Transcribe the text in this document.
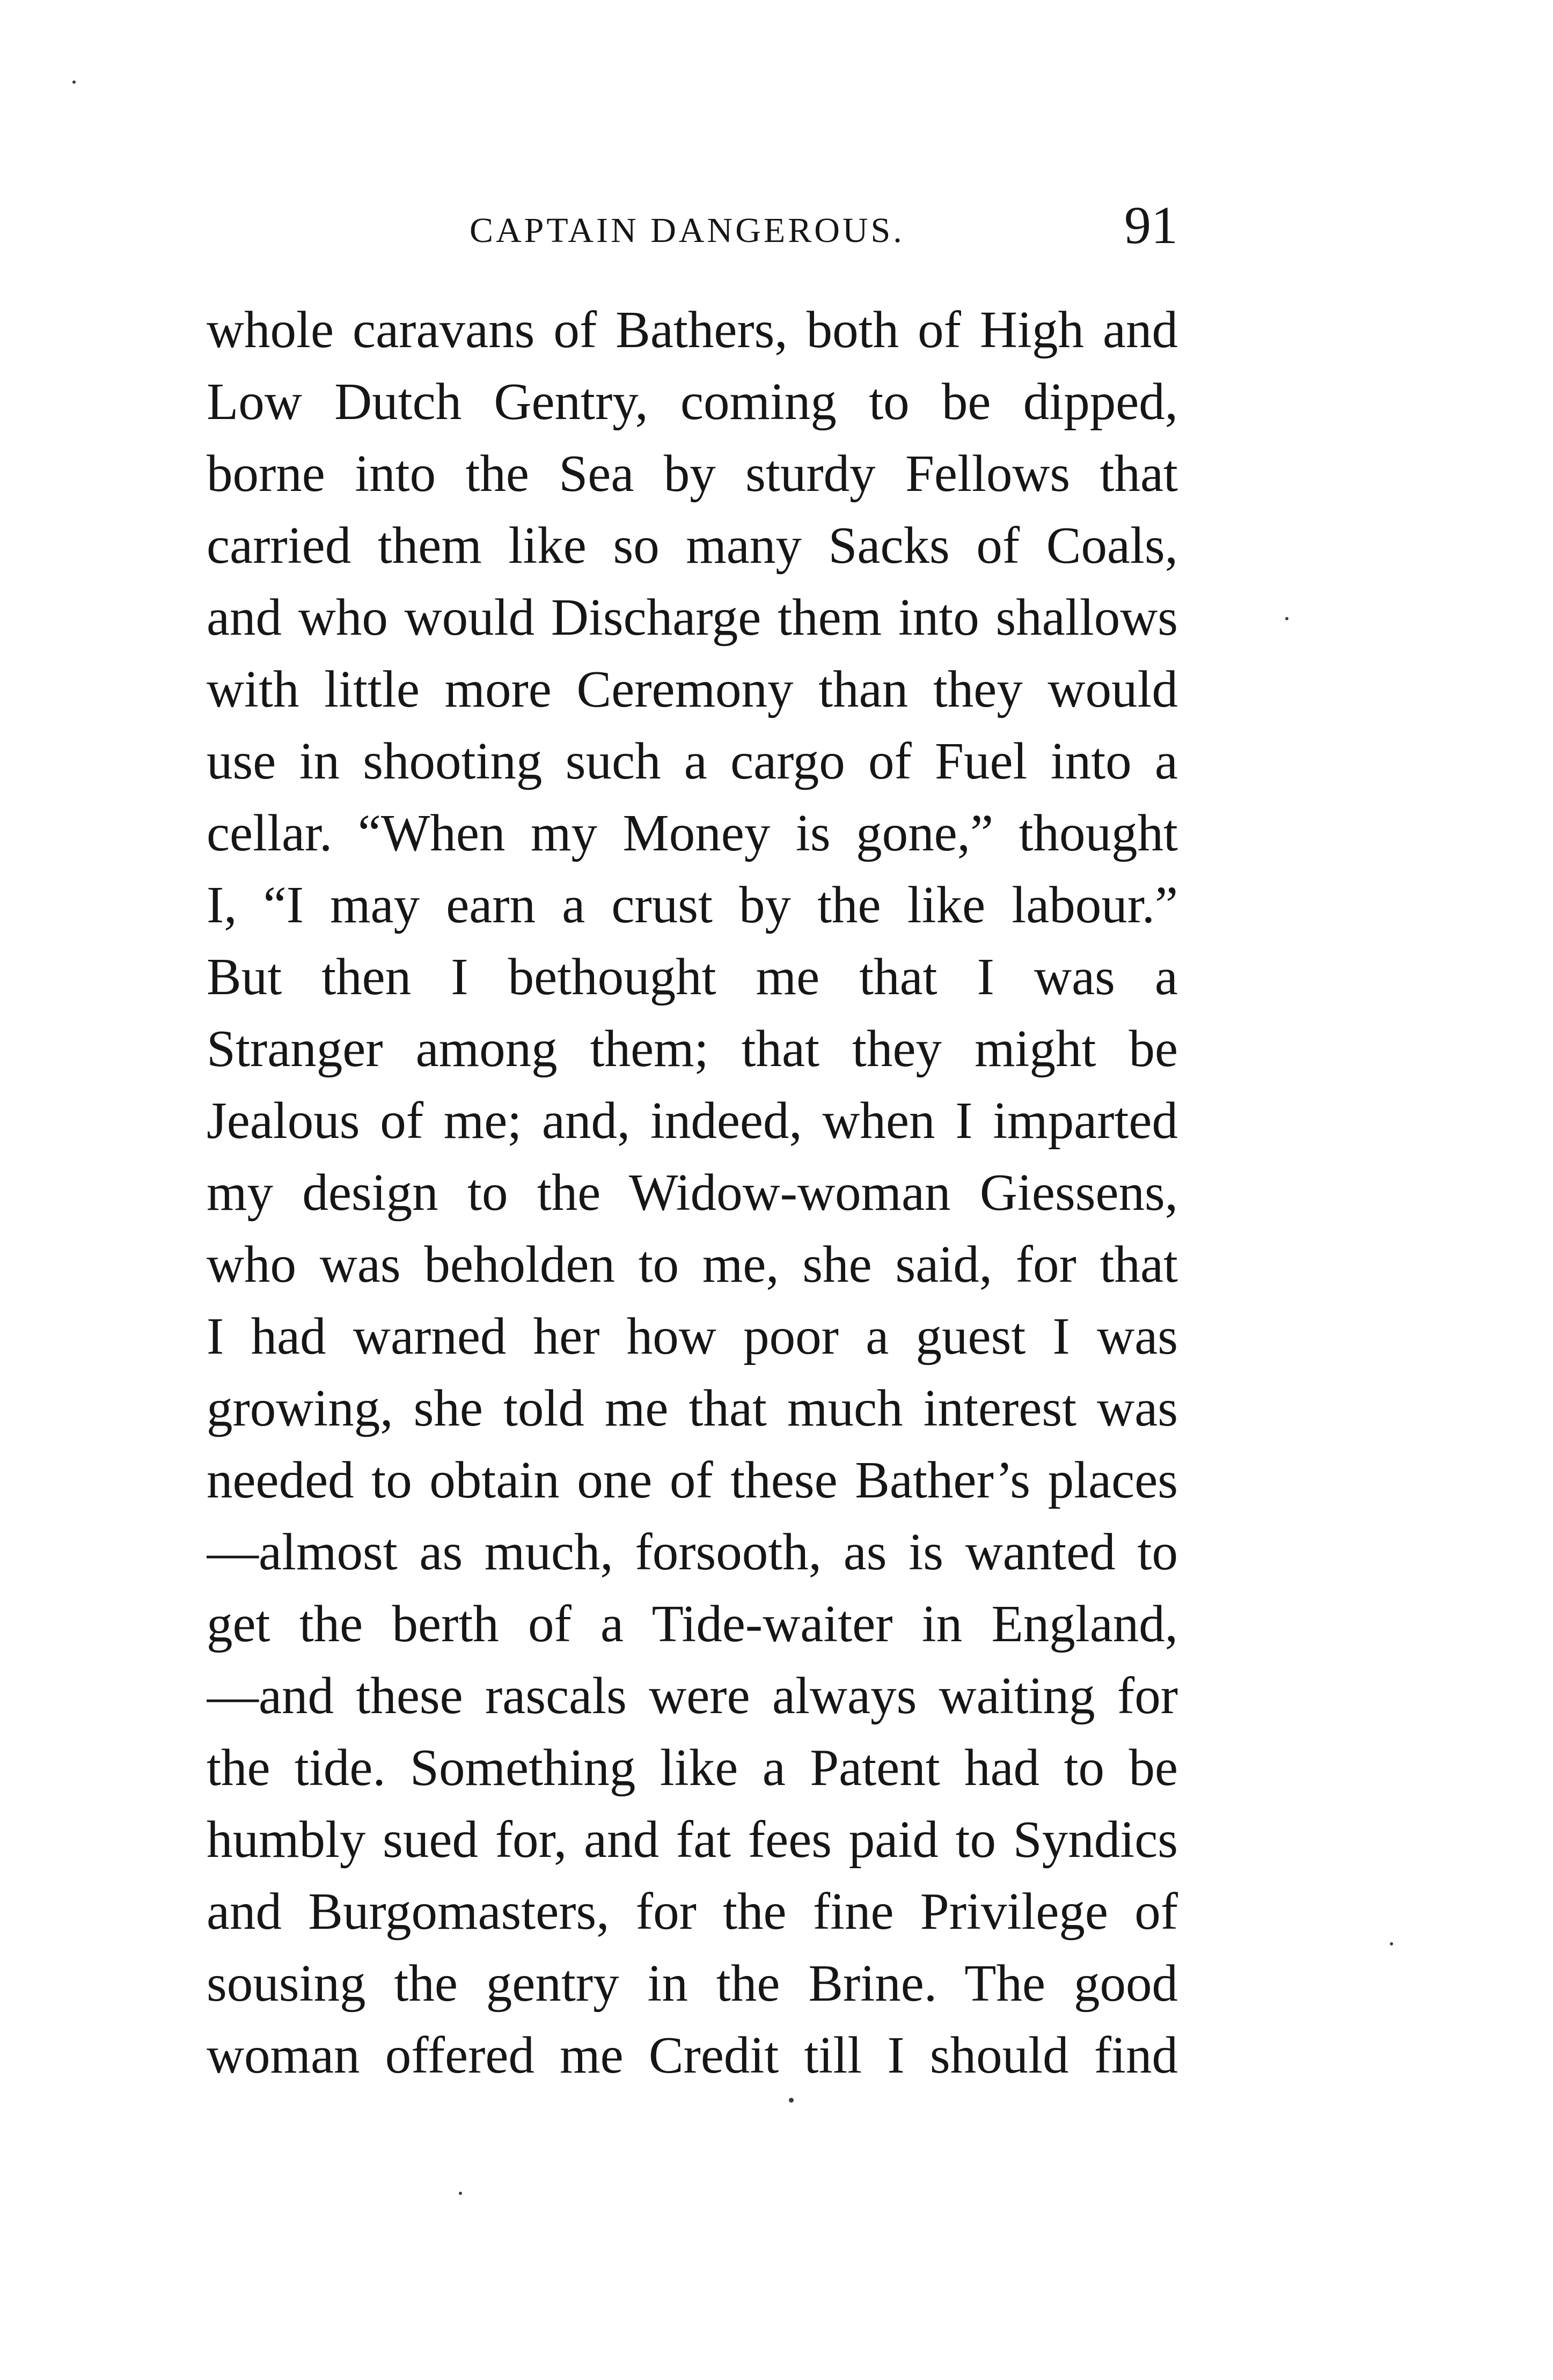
CAPTAIN DANGEROUS.	91
whole caravans of Bathers, both of High and
Low Dutch Gentry, coming to be dipped,
borne into the Sea by sturdy Fellows that
carried them like so many Sacks of Coals,
and who would Discharge them into shallows
with little more Ceremony than they would
use in shooting such a cargo of Fuel into a
cellar. “When my Money is gone,” thought
I, “I may earn a crust by the like labour.”
But then I bethought me that I was a
Stranger among them; that they might be
Jealous of me; and, indeed, when I imparted
my design to the Widow-woman Giessens,
who was beholden to me, she said, for that
I had warned her how poor a guest I was
growing, she told me that much interest was
needed to obtain one of these Bather’s places
—almost as much, forsooth, as is wanted to
get the berth of a Tide-waiter in England,
—and these rascals were always waiting for
the tide. Something like a Patent had to be
humbly sued for, and fat fees paid to Syndics
and Burgomasters, for the fine Privilege of
sousing the gentry in the Brine. The good
woman offered me Credit till I should find
